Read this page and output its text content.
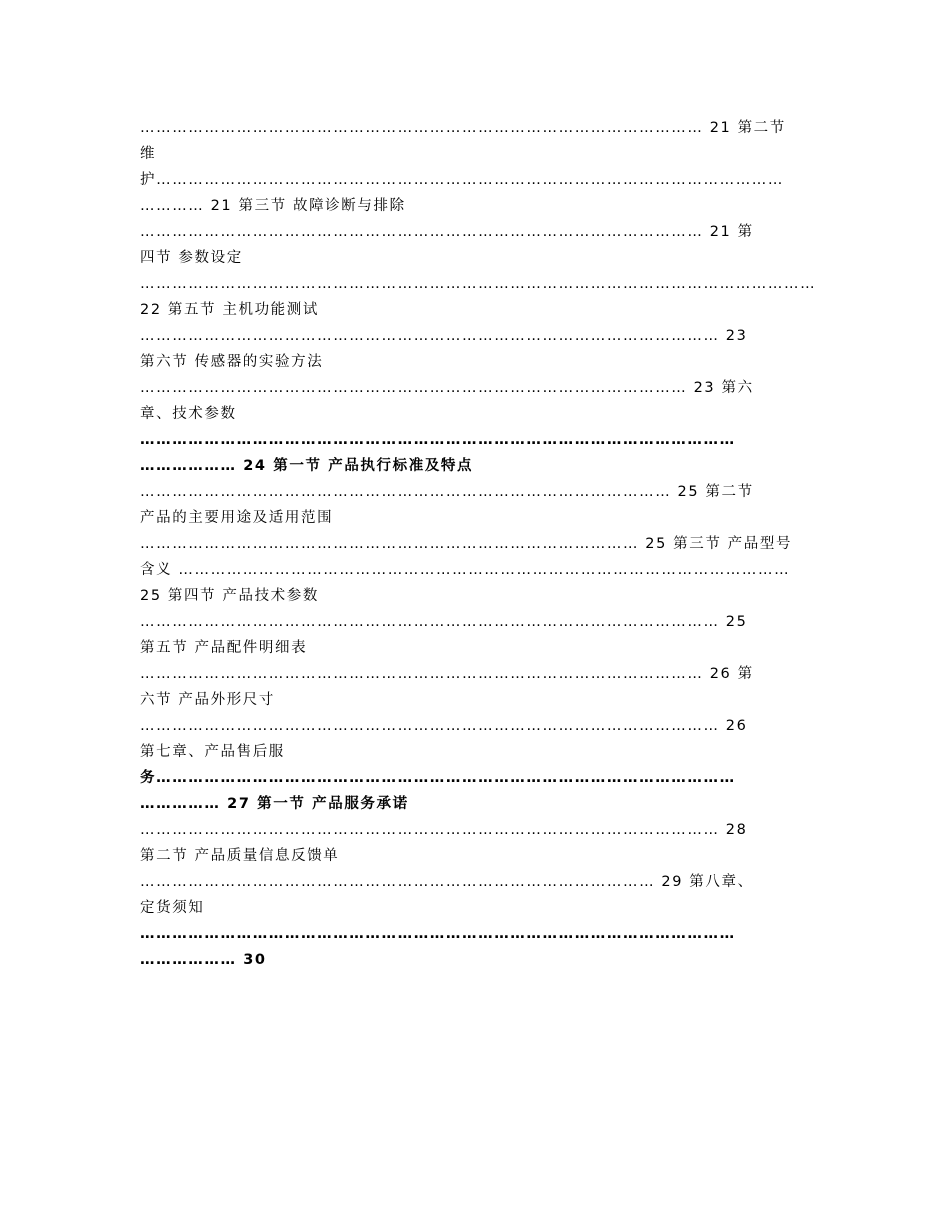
…………………………………………………………………………………………… 21 第二节
维
护………………………………………………………………………………………………………
………… 21 第三节 故障诊断与排除
…………………………………………………………………………………………… 21 第
四节 参数设定
………………………………………………………………………………………………………………
22 第五节 主机功能测试
……………………………………………………………………………………………… 23
第六节 传感器的实验方法
………………………………………………………………………………………… 23 第六
章、技术参数
…………………………………………………………………………………………………
……………… 24 第一节 产品执行标准及特点
……………………………………………………………………………………… 25 第二节
产品的主要用途及适用范围
………………………………………………………………………………… 25 第三节 产品型号
含义 ……………………………………………………………………………………………………
25 第四节 产品技术参数
……………………………………………………………………………………………… 25
第五节 产品配件明细表
…………………………………………………………………………………………… 26 第
六节 产品外形尺寸
……………………………………………………………………………………………… 26
第七章、产品售后服
务………………………………………………………………………………………………
…………… 27 第一节 产品服务承诺
……………………………………………………………………………………………… 28
第二节 产品质量信息反馈单
…………………………………………………………………………………… 29 第八章、
定货须知
…………………………………………………………………………………………………
……………… 30
